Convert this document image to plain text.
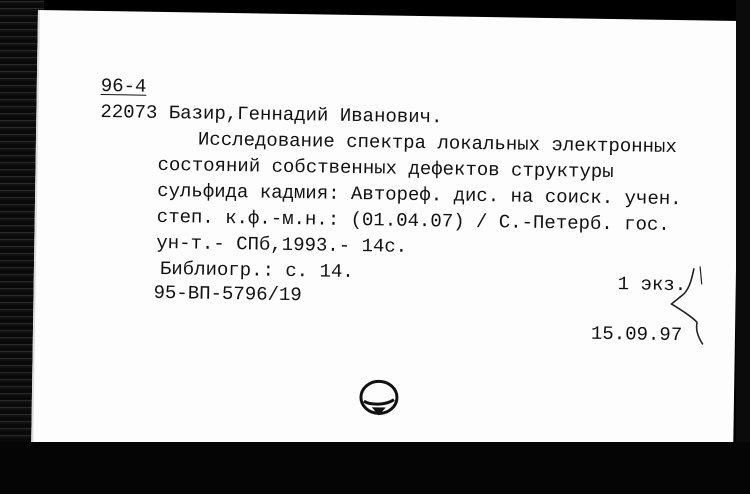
96-4
22073 Базир,Геннадий Иванович.
Исследование спектра локальных электронных
состояний собственных дефектов структуры
сульфида кадмия: Автореф. дис. на соиск. учен.
степ. к.ф.-м.н.: (01.04.07) / С.-Петерб. гос.
ун-т.- СПб,1993.- 14с.
Библиогр.: с. 14.
95-ВП-5796/19	1 экз.
15.09.97
